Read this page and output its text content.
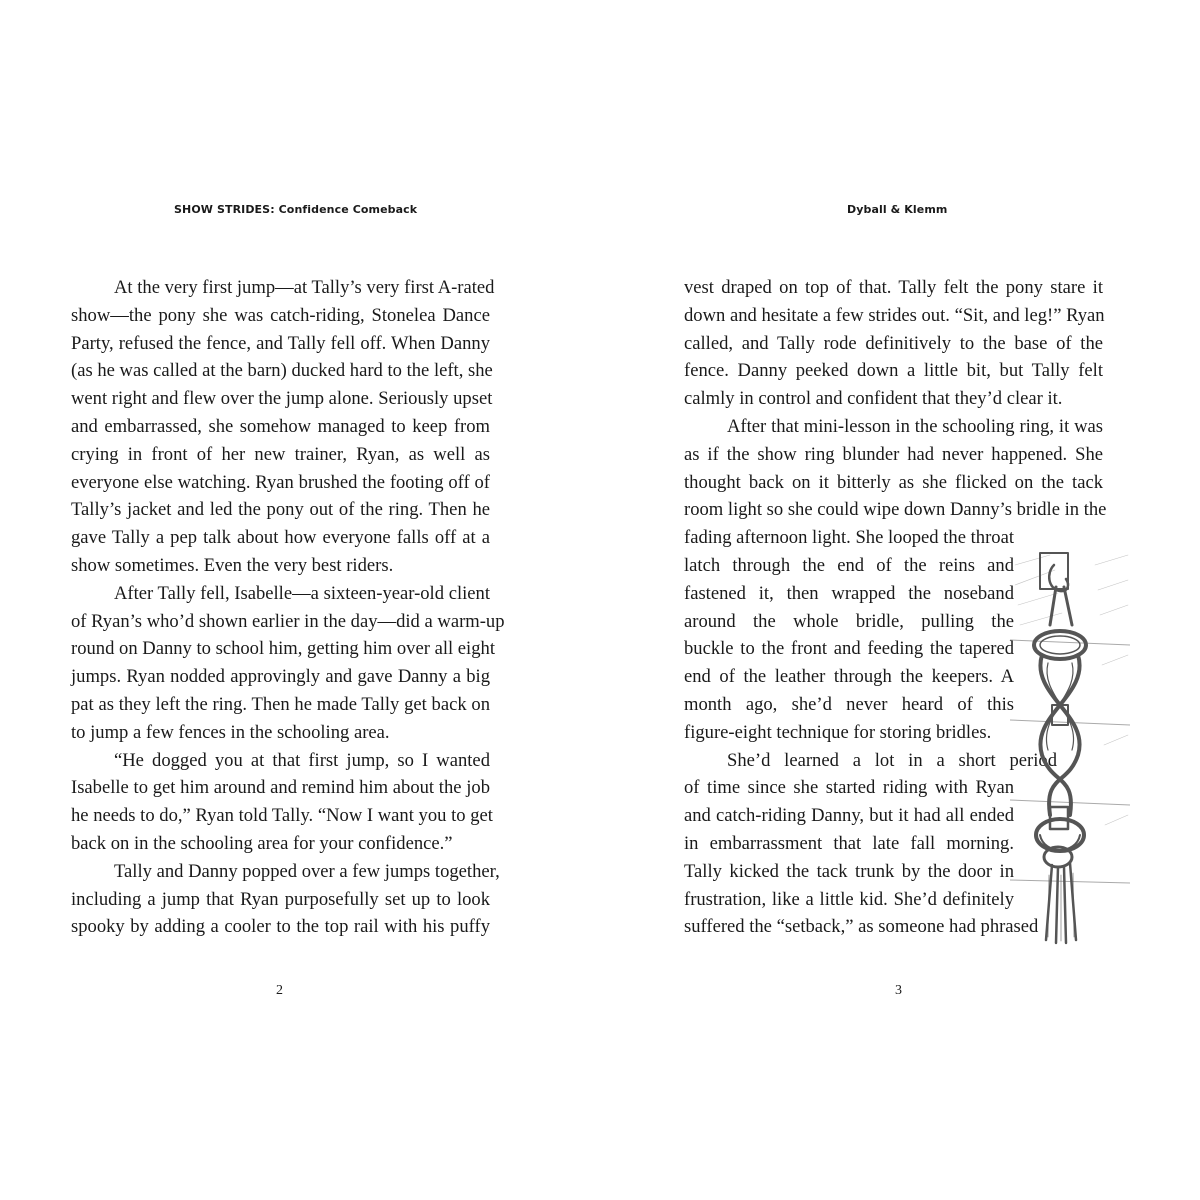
SHOW STRIDES: Confidence Comeback
At the very first jump—at Tally’s very first A-rated
show—the pony she was catch-riding, Stonelea Dance
Party, refused the fence, and Tally fell off. When Danny
(as he was called at the barn) ducked hard to the left, she
went right and flew over the jump alone. Seriously upset
and embarrassed, she somehow managed to keep from
crying in front of her new trainer, Ryan, as well as
everyone else watching. Ryan brushed the footing off of
Tally’s jacket and led the pony out of the ring. Then he
gave Tally a pep talk about how everyone falls off at a
show sometimes. Even the very best riders.
After Tally fell, Isabelle—a sixteen-year-old client
of Ryan’s who’d shown earlier in the day—did a warm-up
round on Danny to school him, getting him over all eight
jumps. Ryan nodded approvingly and gave Danny a big
pat as they left the ring. Then he made Tally get back on
to jump a few fences in the schooling area.
“He dogged you at that first jump, so I wanted
Isabelle to get him around and remind him about the job
he needs to do,” Ryan told Tally. “Now I want you to get
back on in the schooling area for your confidence.”
Tally and Danny popped over a few jumps together,
including a jump that Ryan purposefully set up to look
spooky by adding a cooler to the top rail with his puffy
2
Dyball & Klemm
vest draped on top of that. Tally felt the pony stare it
down and hesitate a few strides out. “Sit, and leg!” Ryan
called, and Tally rode definitively to the base of the
fence. Danny peeked down a little bit, but Tally felt
calmly in control and confident that they’d clear it.
After that mini-lesson in the schooling ring, it was
as if the show ring blunder had never happened. She
thought back on it bitterly as she flicked on the tack
room light so she could wipe down Danny’s bridle in the
fading afternoon light. She looped the throat
latch through the end of the reins and
fastened it, then wrapped the noseband
around the whole bridle, pulling the
buckle to the front and feeding the tapered
end of the leather through the keepers. A
month ago, she’d never heard of this
figure-eight technique for storing bridles.
She’d learned a lot in a short period
of time since she started riding with Ryan
and catch-riding Danny, but it had all ended
in embarrassment that late fall morning.
Tally kicked the tack trunk by the door in
frustration, like a little kid. She’d definitely
suffered the “setback,” as someone had phrased
3
